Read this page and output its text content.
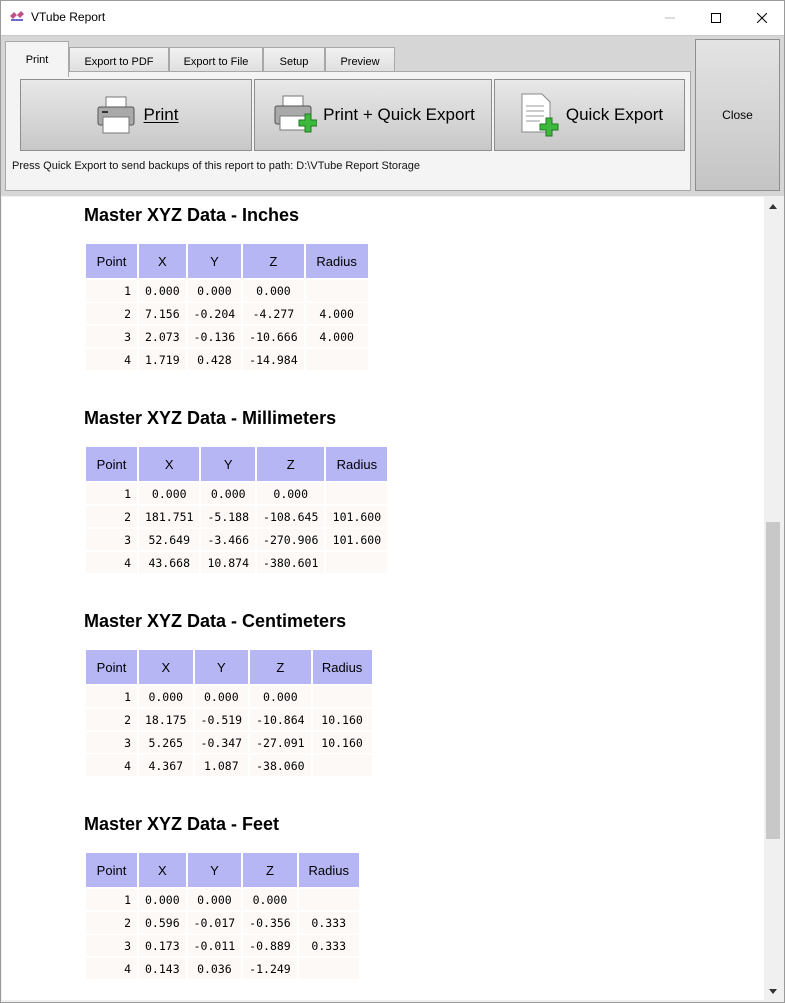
VTube Report
Print	Export to PDF	Export to File	Setup	Preview
Print	Print + Quick Export	Quick Export
Press Quick Export to send backups of this report to path: D:\VTube Report Storage
Close
Master XYZ Data - Inches
Point	X	Y	Z	Radius
1	0.000	0.000	0.000	
2	7.156	-0.204	-4.277	4.000
3	2.073	-0.136	-10.666	4.000
4	1.719	0.428	-14.984	
Master XYZ Data - Millimeters
Point	X	Y	Z	Radius
1	0.000	0.000	0.000	
2	181.751	-5.188	-108.645	101.600
3	52.649	-3.466	-270.906	101.600
4	43.668	10.874	-380.601	
Master XYZ Data - Centimeters
Point	X	Y	Z	Radius
1	0.000	0.000	0.000	
2	18.175	-0.519	-10.864	10.160
3	5.265	-0.347	-27.091	10.160
4	4.367	1.087	-38.060	
Master XYZ Data - Feet
Point	X	Y	Z	Radius
1	0.000	0.000	0.000	
2	0.596	-0.017	-0.356	0.333
3	0.173	-0.011	-0.889	0.333
4	0.143	0.036	-1.249	
